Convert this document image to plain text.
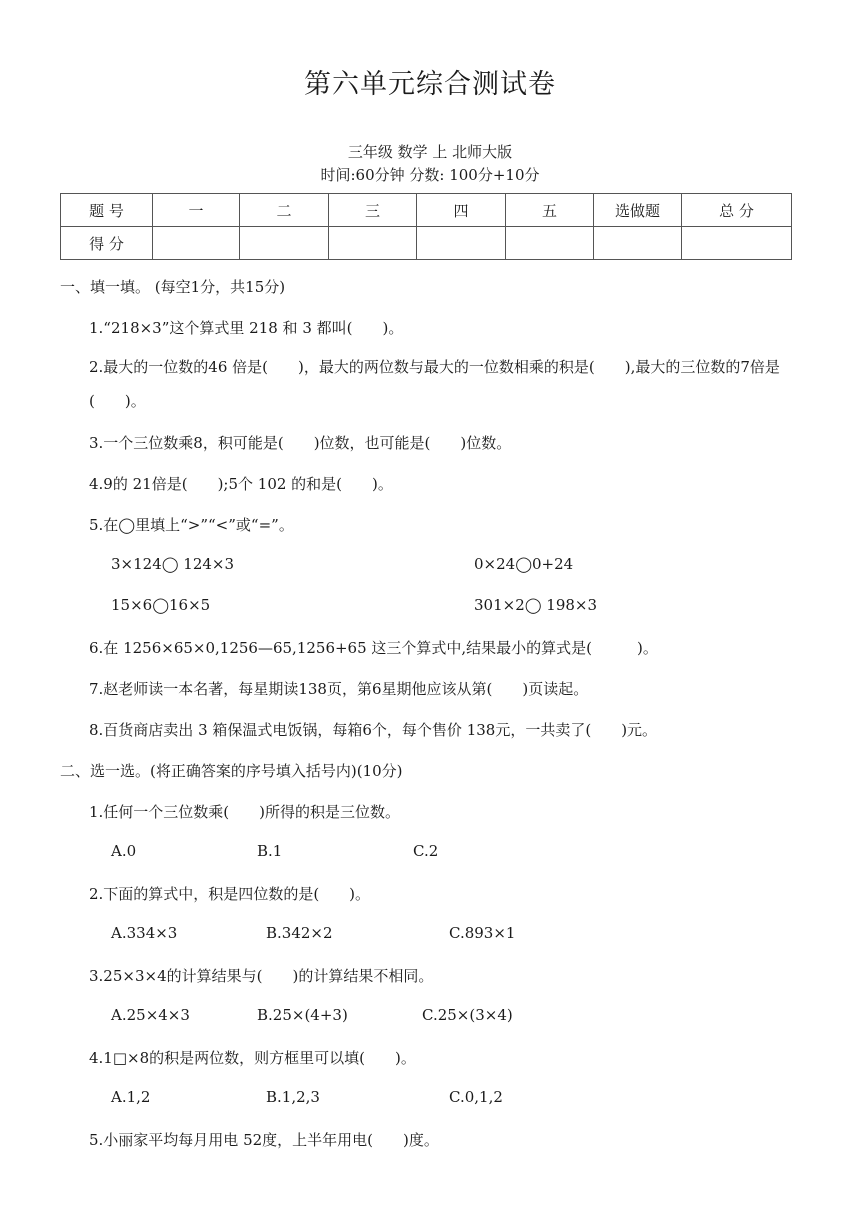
第六单元综合测试卷
三年级 数学 上 北师大版
时间:60分钟 分数: 100分+10分
题 号	一	二	三	四	五	选做题	总 分
得 分							
一、填一填。 (每空1分，共15分)
1.“218×3”这个算式里 218 和 3 都叫(　　)。
2.最大的一位数的46 倍是(　　)，最大的两位数与最大的一位数相乘的积是(　　),最大的三位数的7倍是(　　)。
3.一个三位数乘8，积可能是(　　)位数，也可能是(　　)位数。
4.9的 21倍是(　　);5个 102 的和是(　　)。
5.在◯里填上“>”“<”或“=”。
3×124◯ 124×3	0×24◯0+24
15×6◯16×5	301×2◯ 198×3
6.在 1256×65×0,1256—65,1256+65 这三个算式中,结果最小的算式是(　　　)。
7.赵老师读一本名著，每星期读138页，第6星期他应该从第(　　)页读起。
8.百货商店卖出 3 箱保温式电饭锅，每箱6个，每个售价 138元，一共卖了(　　)元。
二、选一选。(将正确答案的序号填入括号内)(10分)
1.任何一个三位数乘(　　)所得的积是三位数。
A.0	B.1	C.2
2.下面的算式中，积是四位数的是(　　)。
A.334×3	B.342×2	C.893×1
3.25×3×4的计算结果与(　　)的计算结果不相同。
A.25×4×3	B.25×(4+3)	C.25×(3×4)
4.1□×8的积是两位数，则方框里可以填(　　)。
A.1,2	B.1,2,3	C.0,1,2
5.小丽家平均每月用电 52度，上半年用电(　　)度。
